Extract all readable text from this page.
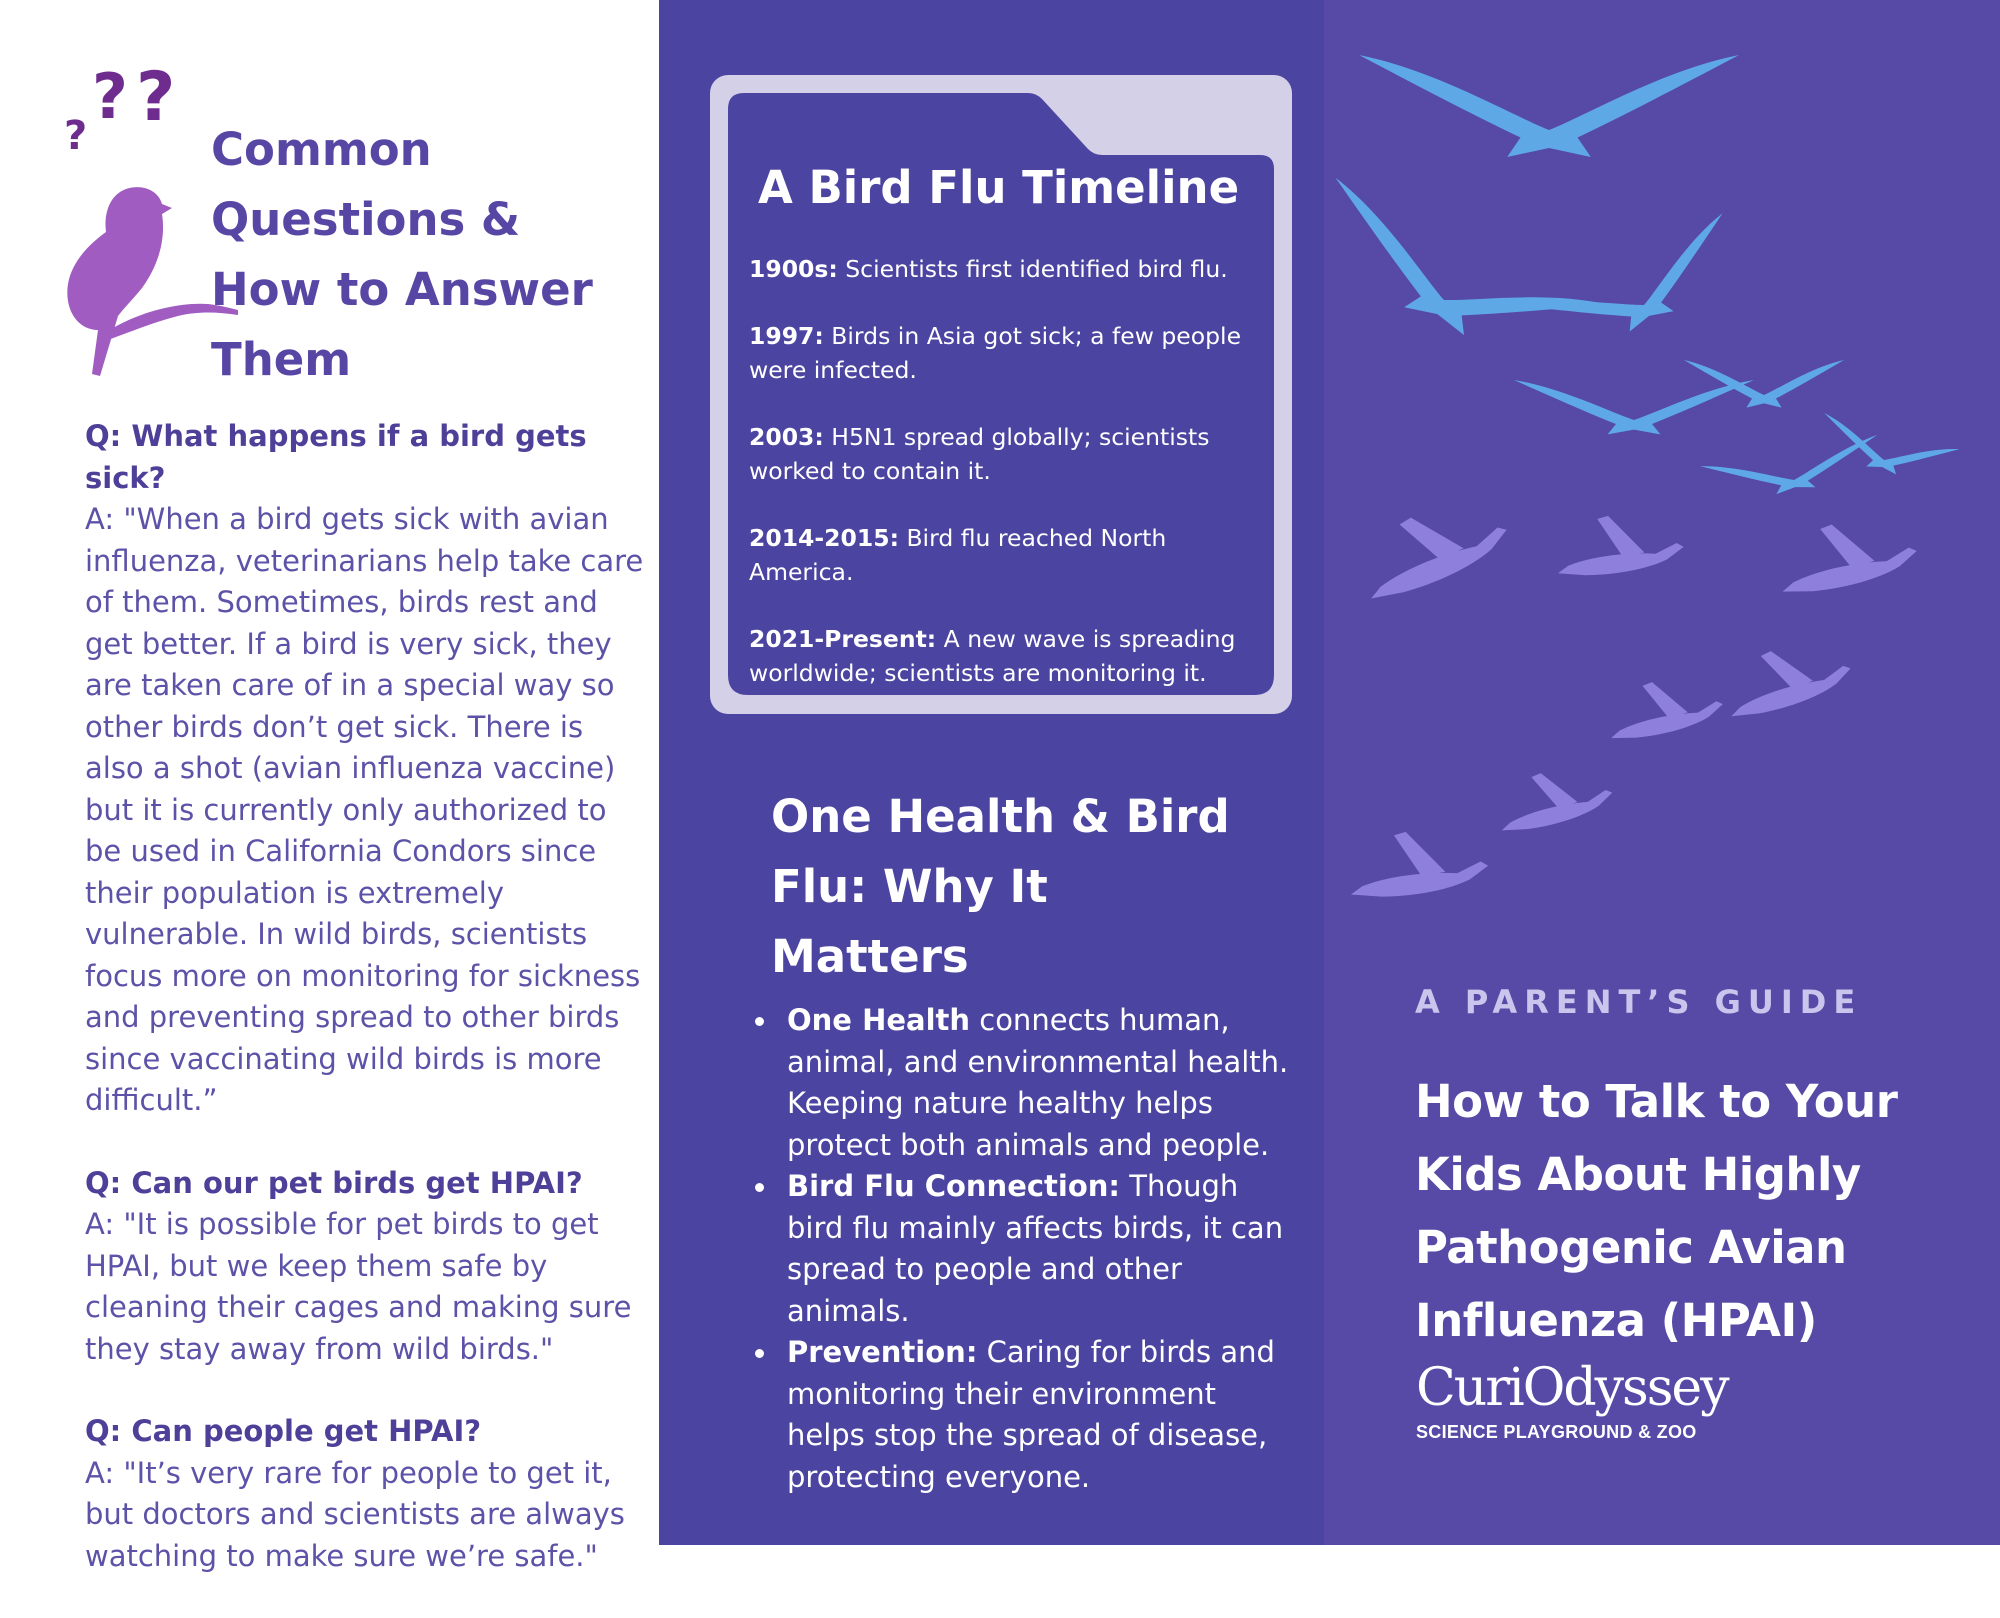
?
? ?
Common Questions & How to Answer Them
Q: What happens if a bird gets sick?
A: "When a bird gets sick with avian influenza, veterinarians help take care of them. Sometimes, birds rest and get better. If a bird is very sick, they are taken care of in a special way so other birds don’t get sick. There is also a shot (avian influenza vaccine) but it is currently only authorized to be used in California Condors since their population is extremely vulnerable. In wild birds, scientists focus more on monitoring for sickness and preventing spread to other birds since vaccinating wild birds is more difficult.”
Q: Can our pet birds get HPAI?
A: "It is possible for pet birds to get HPAI, but we keep them safe by cleaning their cages and making sure they stay away from wild birds."
Q: Can people get HPAI?
A: "It’s very rare for people to get it, but doctors and scientists are always watching to make sure we’re safe."
A Bird Flu Timeline
1900s: Scientists first identified bird flu.
1997: Birds in Asia got sick; a few people were infected.
2003: H5N1 spread globally; scientists worked to contain it.
2014-2015: Bird flu reached North America.
2021-Present: A new wave is spreading worldwide; scientists are monitoring it.
One Health & Bird Flu: Why It Matters
One Health connects human, animal, and environmental health. Keeping nature healthy helps protect both animals and people.
Bird Flu Connection: Though bird flu mainly affects birds, it can spread to people and other animals.
Prevention: Caring for birds and monitoring their environment helps stop the spread of disease, protecting everyone.
A PARENT’S GUIDE
How to Talk to Your Kids About Highly Pathogenic Avian Influenza (HPAI)
CuriOdyssey
SCIENCE PLAYGROUND & ZOO
